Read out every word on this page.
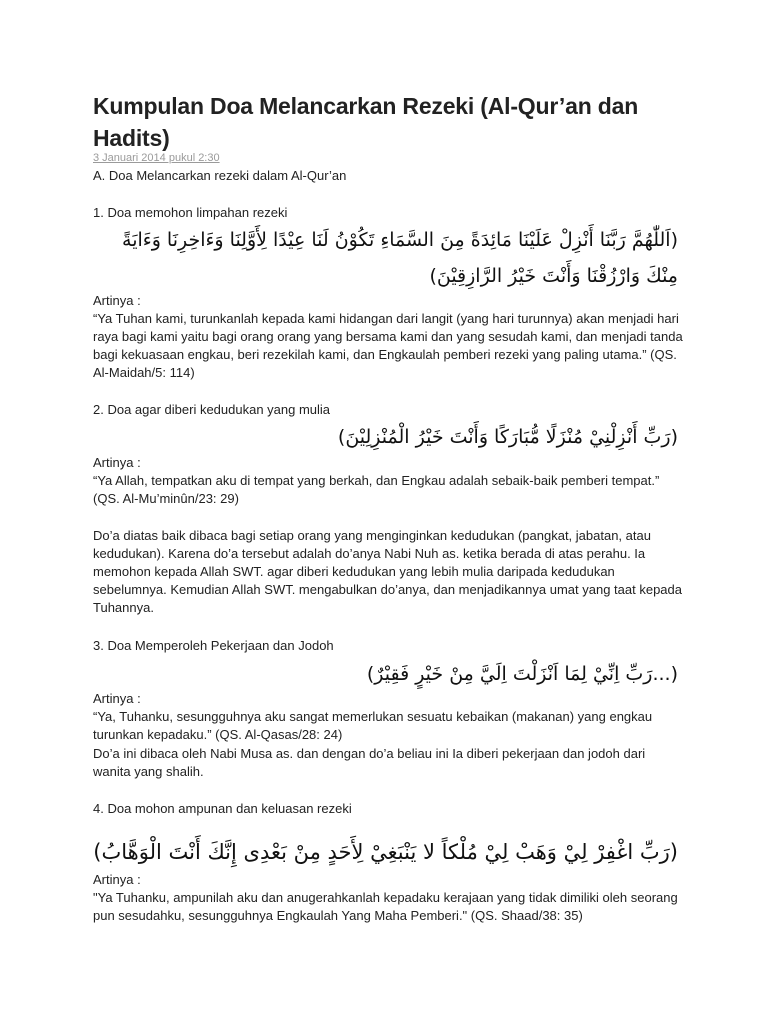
Kumpulan Doa Melancarkan Rezeki (Al-Qur’an dan Hadits)
3 Januari 2014 pukul 2:30
A. Doa Melancarkan rezeki dalam Al-Qur’an
1. Doa memohon limpahan rezeki
(اَللّٰهُمَّ رَبَّنَا أَنْزِلْ عَلَيْنَا مَائِدَةً مِنَ السَّمَاءِ تَكُوْنُ لَنَا عِيْدًا لِأَوَّلِنَا وَءَاخِرِنَا وَءَايَةً مِنْكَ وَارْزُقْنَا وَأَنْتَ خَيْرُ الرَّازِقِيْنَ)
Artinya :
“Ya Tuhan kami, turunkanlah kepada kami hidangan dari langit (yang hari turunnya) akan menjadi hari raya bagi kami yaitu bagi orang orang yang bersama kami dan yang sesudah kami, dan menjadi tanda bagi kekuasaan engkau, beri rezekilah kami, dan Engkaulah pemberi rezeki yang paling utama.” (QS. Al-Maidah/5: 114)
2. Doa agar diberi kedudukan yang mulia
(رَبِّ أَنْزِلْنِيْ مُنْزَلًا مُّبَارَكًا وَأَنْتَ خَيْرُ الْمُنْزِلِيْنَ)
Artinya :
“Ya Allah, tempatkan aku di tempat yang berkah, dan Engkau adalah sebaik-baik pemberi tempat.” (QS. Al-Mu’minûn/23: 29)
Do’a diatas baik dibaca bagi setiap orang yang menginginkan kedudukan (pangkat, jabatan, atau kedudukan). Karena do’a tersebut adalah do’anya Nabi Nuh as. ketika berada di atas perahu. Ia memohon kepada Allah SWT. agar diberi kedudukan yang lebih mulia daripada kedudukan sebelumnya. Kemudian Allah SWT. mengabulkan do’anya, dan menjadikannya umat yang taat kepada Tuhannya.
3. Doa Memperoleh Pekerjaan dan Jodoh
(...رَبِّ اِنِّيْ لِمَا اَنْزَلْتَ اِلَيَّ مِنْ خَيْرٍ فَقِيْرٌ)
Artinya :
“Ya, Tuhanku, sesungguhnya aku sangat memerlukan sesuatu kebaikan (makanan) yang engkau turunkan kepadaku.” (QS. Al-Qasas/28: 24)
Do’a ini dibaca oleh Nabi Musa as. dan dengan do’a beliau ini Ia diberi pekerjaan dan jodoh dari wanita yang shalih.
4. Doa mohon ampunan dan keluasan rezeki
(رَبِّ اغْفِرْ لِيْ وَهَبْ لِيْ مُلْكاً لا يَنْبَغِيْ لِأَحَدٍ مِنْ بَعْدِى إِنَّكَ أَنْتَ الْوَهَّابُ)
Artinya :
"Ya Tuhanku, ampunilah aku dan anugerahkanlah kepadaku kerajaan yang tidak dimiliki oleh seorang pun sesudahku, sesungguhnya Engkaulah Yang Maha Pemberi." (QS. Shaad/38: 35)
